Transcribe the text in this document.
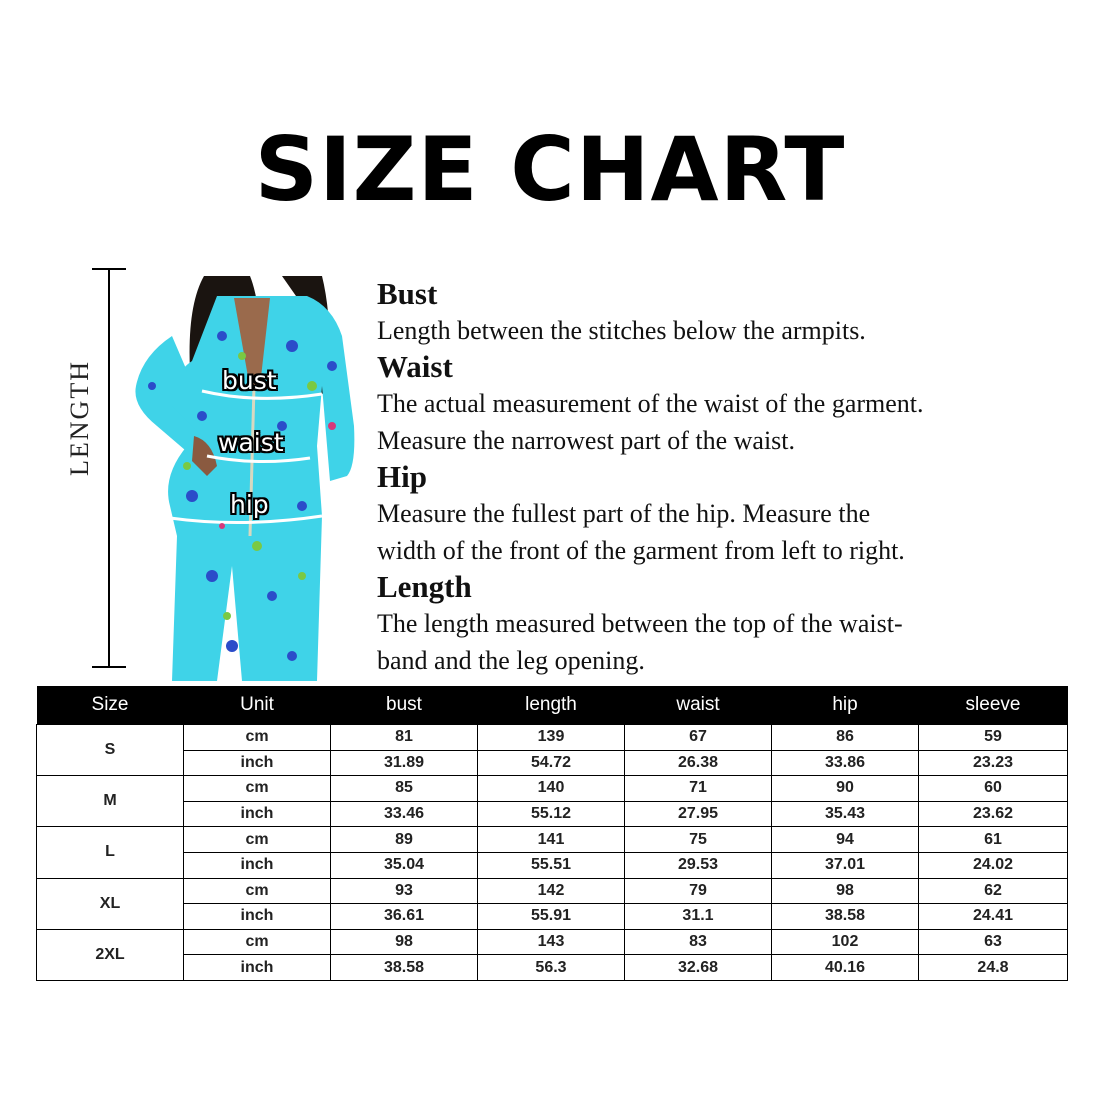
SIZE CHART
LENGTH	bust
waist
hip
Bust
Length between the stitches below the armpits.
Waist
The actual measurement of the waist of the garment.
Measure the narrowest part of the waist.
Hip
Measure the fullest part of the hip. Measure the
width of the front of the garment from left to right.
Length
The length measured between the top of the waist-
band and the leg opening.
Size	Unit	bust	length	waist	hip	sleeve
S	cm	81	139	67	86	59
	inch	31.89	54.72	26.38	33.86	23.23
M	cm	85	140	71	90	60
	inch	33.46	55.12	27.95	35.43	23.62
L	cm	89	141	75	94	61
	inch	35.04	55.51	29.53	37.01	24.02
XL	cm	93	142	79	98	62
	inch	36.61	55.91	31.1	38.58	24.41
2XL	cm	98	143	83	102	63
	inch	38.58	56.3	32.68	40.16	24.8
